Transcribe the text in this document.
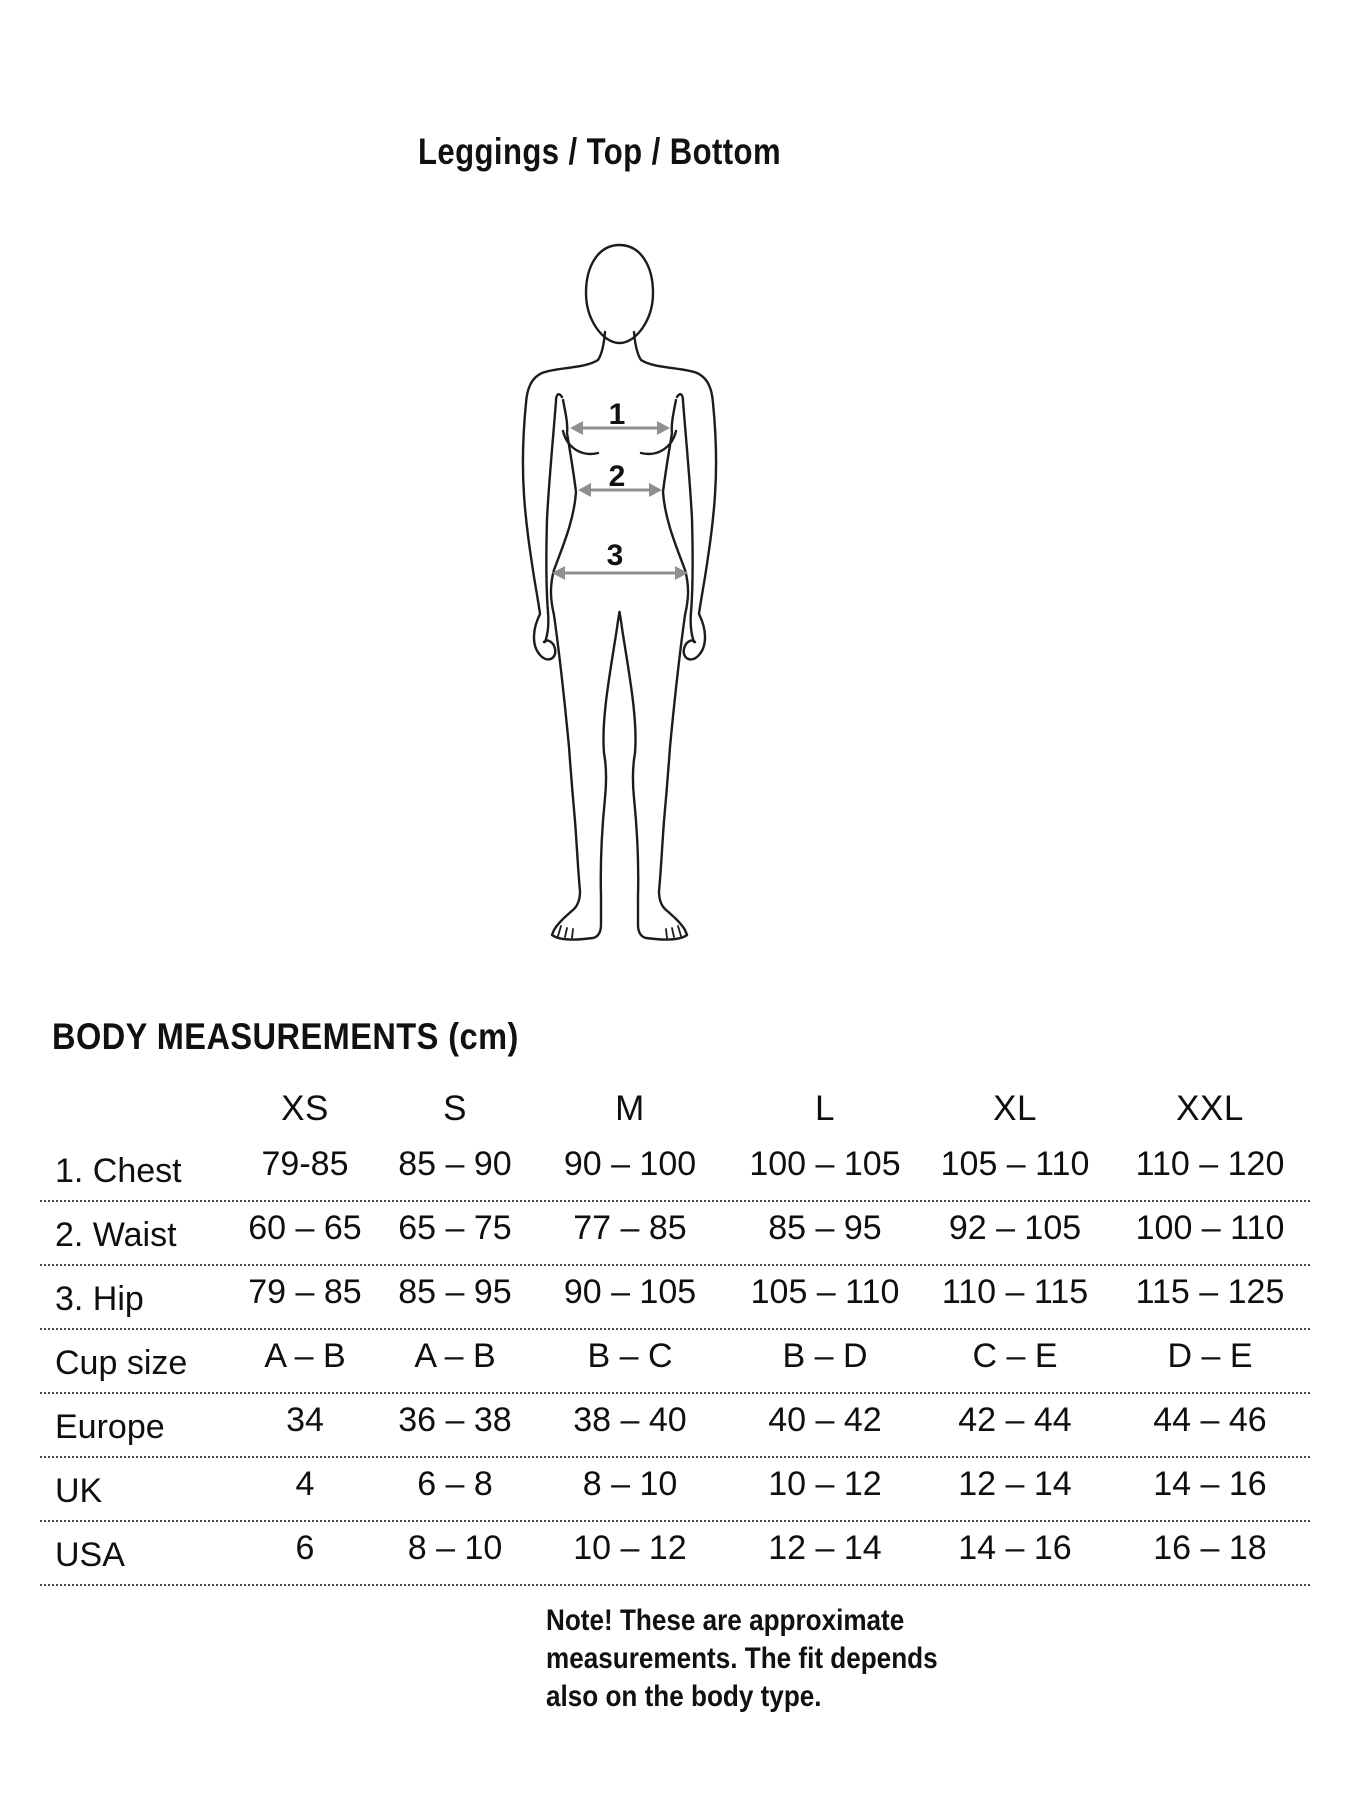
Leggings / Top / Bottom
1
2
3
BODY MEASUREMENTS (cm)
XS	S	M	L	XL	XXL
1. Chest	79-85	85 – 90	90 – 100	100 – 105	105 – 110	110 – 120
2. Waist	60 – 65	65 – 75	77 – 85	85 – 95	92 – 105	100 – 110
3. Hip	79 – 85	85 – 95	90 – 105	105 – 110	110 – 115	115 – 125
Cup size	A – B	A – B	B – C	B – D	C – E	D – E
Europe	34	36 – 38	38 – 40	40 – 42	42 – 44	44 – 46
UK	4	6 – 8	8 – 10	10 – 12	12 – 14	14 – 16
USA	6	8 – 10	10 – 12	12 – 14	14 – 16	16 – 18
Note! These are approximate
measurements. The fit depends
also on the body type.
